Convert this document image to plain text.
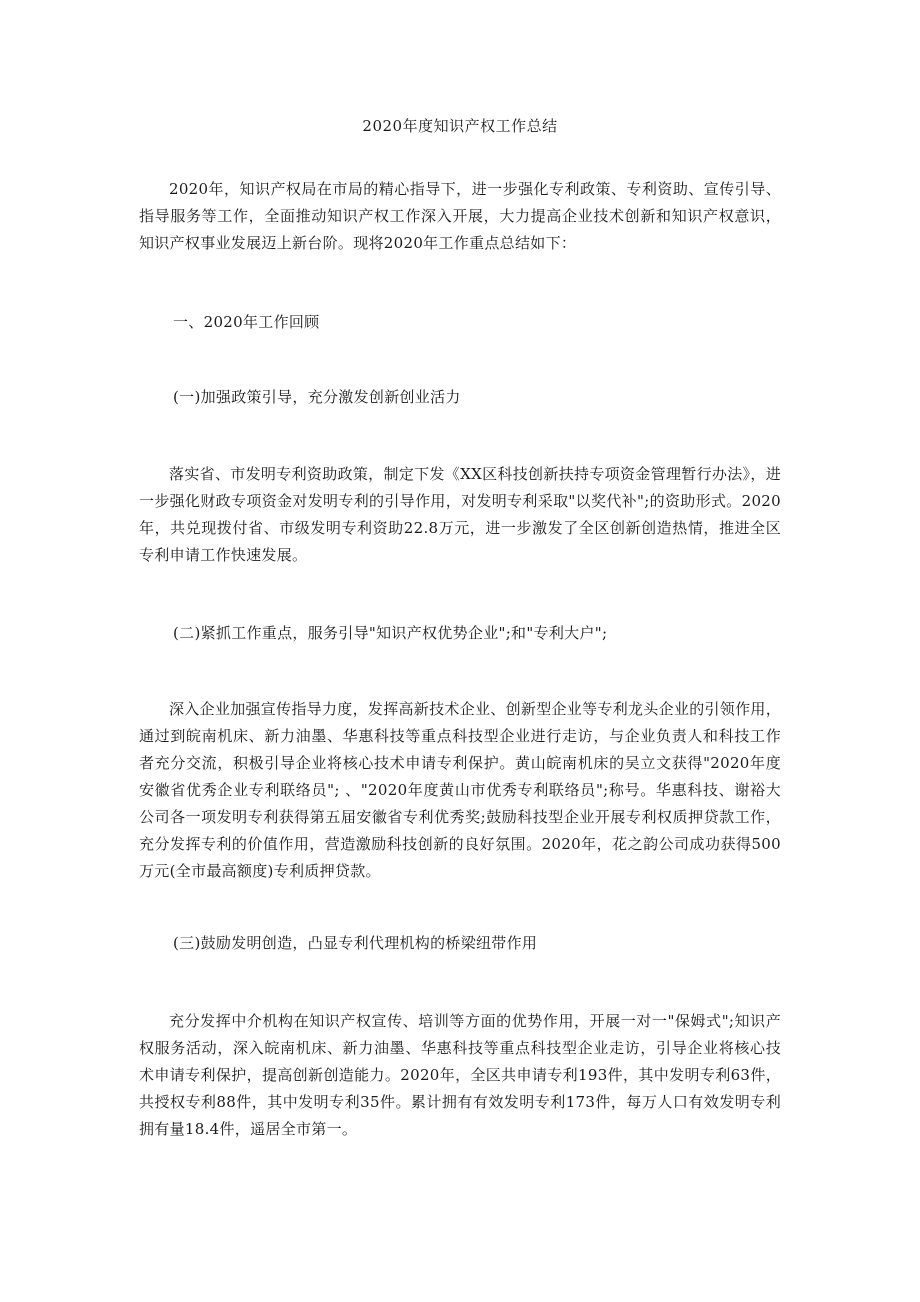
2020年度知识产权工作总结

2020年，知识产权局在市局的精心指导下，进一步强化专利政策、专利资助、宣传引导、指导服务等工作，全面推动知识产权工作深入开展，大力提高企业技术创新和知识产权意识，知识产权事业发展迈上新台阶。现将2020年工作重点总结如下：

一、2020年工作回顾

(一)加强政策引导，充分激发创新创业活力

落实省、市发明专利资助政策，制定下发《XX区科技创新扶持专项资金管理暂行办法》，进一步强化财政专项资金对发明专利的引导作用，对发明专利采取"以奖代补";的资助形式。2020年，共兑现拨付省、市级发明专利资助22.8万元，进一步激发了全区创新创造热情，推进全区专利申请工作快速发展。

(二)紧抓工作重点，服务引导"知识产权优势企业";和"专利大户";

深入企业加强宣传指导力度，发挥高新技术企业、创新型企业等专利龙头企业的引领作用，通过到皖南机床、新力油墨、华惠科技等重点科技型企业进行走访，与企业负责人和科技工作者充分交流，积极引导企业将核心技术申请专利保护。黄山皖南机床的吴立文获得"2020年度安徽省优秀企业专利联络员"; 、"2020年度黄山市优秀专利联络员";称号。华惠科技、谢裕大公司各一项发明专利获得第五届安徽省专利优秀奖;鼓励科技型企业开展专利权质押贷款工作，充分发挥专利的价值作用，营造激励科技创新的良好氛围。2020年，花之韵公司成功获得500万元(全市最高额度)专利质押贷款。

(三)鼓励发明创造，凸显专利代理机构的桥梁纽带作用

充分发挥中介机构在知识产权宣传、培训等方面的优势作用，开展一对一"保姆式";知识产权服务活动，深入皖南机床、新力油墨、华惠科技等重点科技型企业走访，引导企业将核心技术申请专利保护，提高创新创造能力。2020年，全区共申请专利193件，其中发明专利63件，共授权专利88件，其中发明专利35件。累计拥有有效发明专利173件，每万人口有效发明专利拥有量18.4件，遥居全市第一。
